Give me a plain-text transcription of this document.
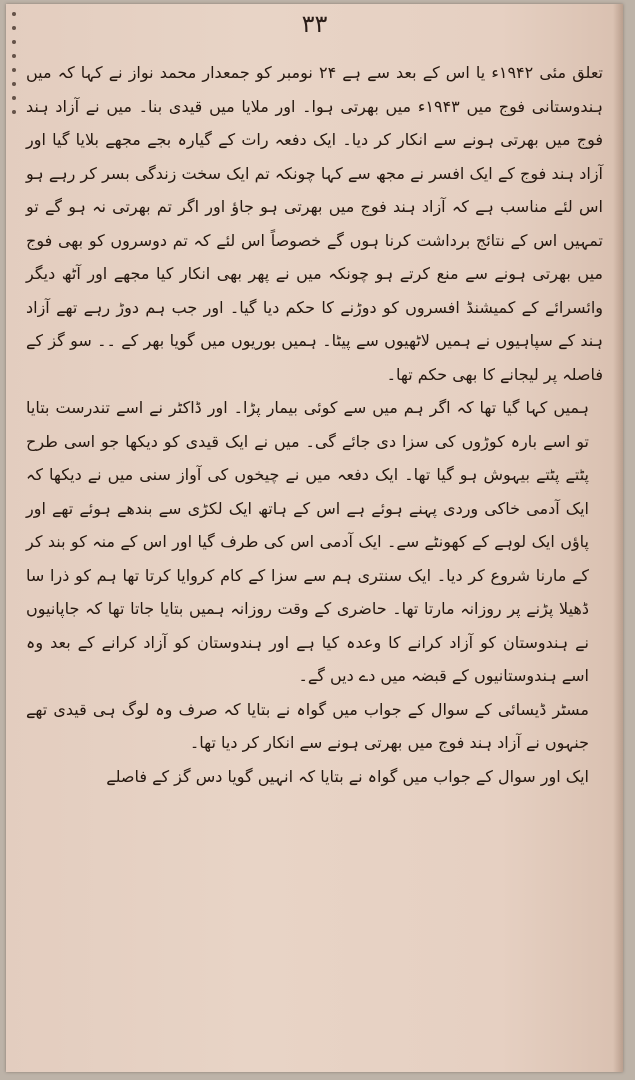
۳۳

تعلق مئی ۱۹۴۲ء یا اس کے بعد سے ہے ۲۴ نومبر کو جمعدار محمد نواز نے کہا کہ میں ہندوستانی فوج میں ۱۹۴۳ء میں بھرتی ہوا۔ اور ملایا میں قیدی بنا۔ میں نے آزاد ہند فوج میں بھرتی ہونے سے انکار کر دیا۔ ایک دفعہ رات کے گیارہ بجے مجھے بلایا گیا اور آزاد ہند فوج کے ایک افسر نے مجھ سے کہا چونکہ تم ایک سخت زندگی بسر کر رہے ہو اس لئے مناسب ہے کہ آزاد ہند فوج میں بھرتی ہو جاؤ اور اگر تم بھرتی نہ ہو گے تو تمہیں اس کے نتائج برداشت کرنا ہوں گے خصوصاً اس لئے کہ تم دوسروں کو بھی فوج میں بھرتی ہونے سے منع کرتے ہو چونکہ میں نے پھر بھی انکار کیا مجھے اور آٹھ دیگر وائسرائے کے کمیشنڈ افسروں کو دوڑنے کا حکم دیا گیا۔ اور جب ہم دوڑ رہے تھے آزاد ہند کے سپاہیوں نے ہمیں لاٹھیوں سے پیٹا۔ ہمیں بوریوں میں گویا بھر کے ۔۔ سو گز کے فاصلہ پر لیجانے کا بھی حکم تھا۔

ہمیں کہا گیا تھا کہ اگر ہم میں سے کوئی بیمار پڑا۔ اور ڈاکٹر نے اسے تندرست بتایا تو اسے بارہ کوڑوں کی سزا دی جائے گی۔ میں نے ایک قیدی کو دیکھا جو اسی طرح پٹتے پٹتے بیہوش ہو گیا تھا۔ ایک دفعہ میں نے چیخوں کی آواز سنی میں نے دیکھا کہ ایک آدمی خاکی وردی پہنے ہوئے ہے اس کے ہاتھ ایک لکڑی سے بندھے ہوئے تھے اور پاؤں ایک لوہے کے کھونٹے سے۔ ایک آدمی اس کی طرف گیا اور اس کے منہ کو بند کر کے مارنا شروع کر دیا۔ ایک سنتری ہم سے سزا کے کام کروایا کرتا تھا ہم کو ذرا سا ڈھیلا پڑنے پر روزانہ مارتا تھا۔ حاضری کے وقت روزانہ ہمیں بتایا جاتا تھا کہ جاپانیوں نے ہندوستان کو آزاد کرانے کا وعدہ کیا ہے اور ہندوستان کو آزاد کرانے کے بعد وہ اسے ہندوستانیوں کے قبضہ میں دے دیں گے۔

مسٹر ڈیسائی کے سوال کے جواب میں گواہ نے بتایا کہ صرف وہ لوگ ہی قیدی تھے جنہوں نے آزاد ہند فوج میں بھرتی ہونے سے انکار کر دیا تھا۔

ایک اور سوال کے جواب میں گواہ نے بتایا کہ انہیں گویا دس گز کے فاصلے
